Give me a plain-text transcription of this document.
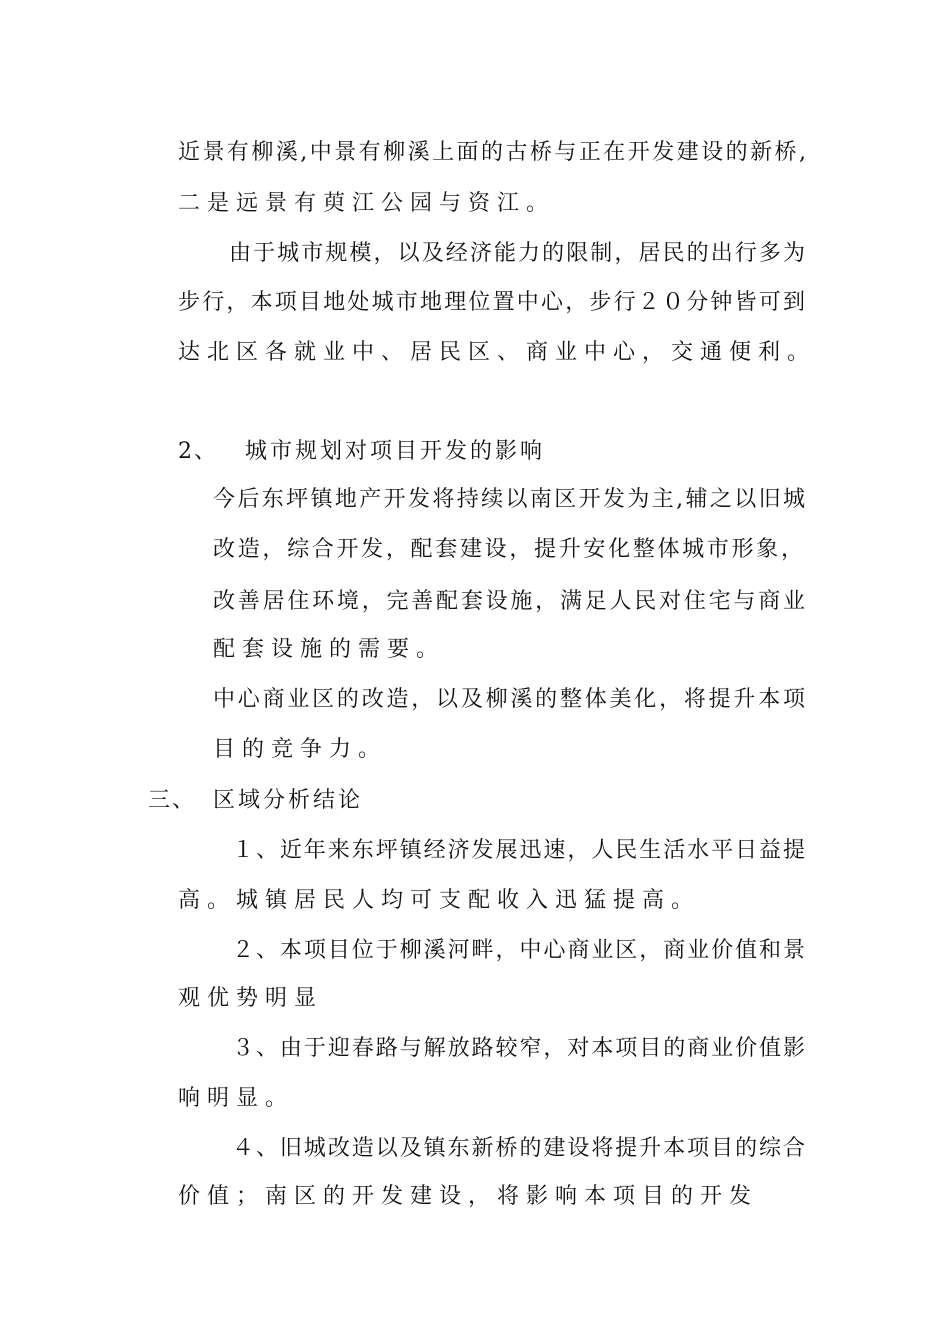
近景有柳溪,中景有柳溪上面的古桥与正在开发建设的新桥,
二是远景有萸江公园与资江。
由于城市规模，以及经济能力的限制，居民的出行多为
步行，本项目地处城市地理位置中心，步行２０分钟皆可到
达北区各就业中、居民区、商业中心，交通便利。
2、 城市规划对项目开发的影响
今后东坪镇地产开发将持续以南区开发为主,辅之以旧城
改造，综合开发，配套建设，提升安化整体城市形象，
改善居住环境，完善配套设施，满足人民对住宅与商业
配套设施的需要。
中心商业区的改造，以及柳溪的整体美化，将提升本项
目的竞争力。
三、 区域分析结论
１、近年来东坪镇经济发展迅速，人民生活水平日益提
高。城镇居民人均可支配收入迅猛提高。
２、本项目位于柳溪河畔，中心商业区，商业价值和景
观优势明显
３、由于迎春路与解放路较窄，对本项目的商业价值影
响明显。
４、旧城改造以及镇东新桥的建设将提升本项目的综合
价值；南区的开发建设，将影响本项目的开发
